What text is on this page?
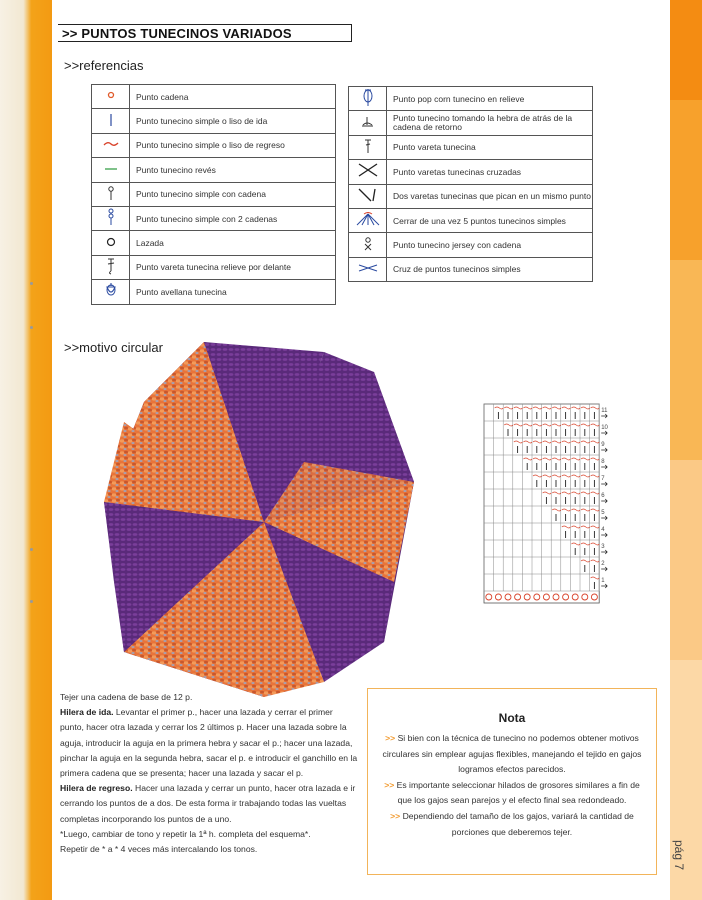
>> PUNTOS TUNECINOS VARIADOS
>>referencias
	Punto cadena
	Punto tunecino simple o liso de ida
	Punto tunecino simple o liso de regreso
	Punto tunecino revés
	Punto tunecino simple con cadena
	Punto tunecino simple con 2 cadenas
	Lazada
	Punto vareta tunecina relieve por delante
	Punto avellana tunecina
	Punto pop corn tunecino en relieve
	Punto tunecino tomando la hebra de atrás de la cadena de retorno
	Punto vareta tunecina
	Punto varetas tunecinas cruzadas
	Dos varetas tunecinas que pican en un mismo punto
	Cerrar de una vez 5 puntos tunecinos simples
	Punto tunecino jersey con cadena
	Cruz de puntos tunecinos simples
>>motivo circular
1
2
3
4
5
6
7
8
9
10
11

Tejer una cadena de base de 12 p.

Hilera de ida. Levantar el primer p., hacer una lazada y cerrar el primer punto, hacer otra lazada y cerrar los 2 últimos p. Hacer una lazada sobre la aguja, introducir la aguja en la primera hebra y sacar el p.; hacer una lazada, pinchar la aguja en la segunda hebra, sacar el p. e introducir el ganchillo en la primera cadena que se presenta; hacer una lazada y sacar el p.

Hilera de regreso. Hacer una lazada y cerrar un punto, hacer otra lazada e ir cerrando los puntos de a dos. De esta forma ir trabajando todas las vueltas completas incorporando los puntos de a uno.

*Luego, cambiar de tono y repetir la 1ª h. completa del esquema*.

Repetir de * a * 4 veces más intercalando los tonos.

Nota

>> Si bien con la técnica de tunecino no podemos obtener motivos circulares sin emplear agujas flexibles, manejando el tejido en gajos logramos efectos parecidos.

>> Es importante seleccionar hilados de grosores similares a fin de que los gajos sean parejos y el efecto final sea redondeado.

>> Dependiendo del tamaño de los gajos, variará la cantidad de porciones que deberemos tejer.

pág 7
